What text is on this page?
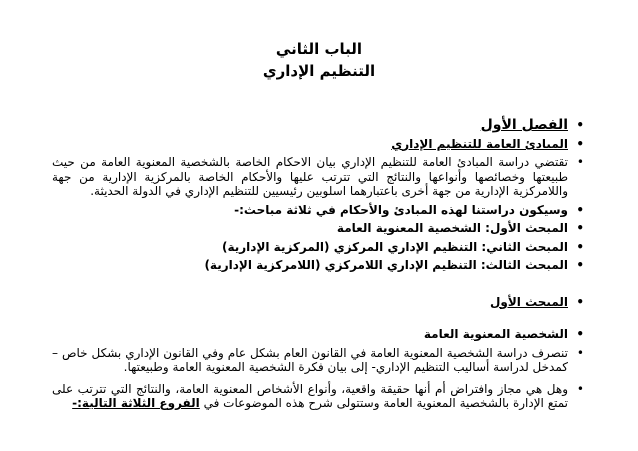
الباب الثاني
التنظيم الإداري
•
الفصل الأول
•
المبادئ العامة للتنظيم الإداري
•
تقتضي دراسة المبادئ العامة للتنظيم الإداري بيان الاحكام الخاصة بالشخصية المعنوية العامة من حيث طبيعتها وخصائصها وأنواعها والنتائج التي تترتب عليها والأحكام الخاصة بالمركزية الإدارية من جهة واللامركزية الإدارية من جهة أخرى باعتبارهما اسلوبين رئيسيين للتنظيم الإداري في الدولة الحديثة.
•
وسيكون دراستنا لهذه المبادئ والأحكام في ثلاثة مباحث:-
•
المبحث الأول: الشخصية المعنوية العامة
•
المبحث الثاني: التنظيم الإداري المركزي (المركزية الإدارية)
•
المبحث الثالث: التنظيم الإداري اللامركزي (اللامركزية الإدارية)
•
المبحث الأول
•
الشخصية المعنوية العامة
•
تنصرف دراسة الشخصية المعنوية العامة في القانون العام بشكل عام وفي القانون الإداري بشكل خاص – كمدخل لدراسة أساليب التنظيم الإداري- إلى بيان فكرة الشخصية المعنوية العامة وطبيعتها.
•
وهل هي مجاز وافتراض أم أنها حقيقة واقعية، وأنواع الأشخاص المعنوية العامة، والنتائج التي تترتب على تمتع الإدارة بالشخصية المعنوية العامة وستتولى شرح هذه الموضوعات في الفروع الثلاثة التالية:-
